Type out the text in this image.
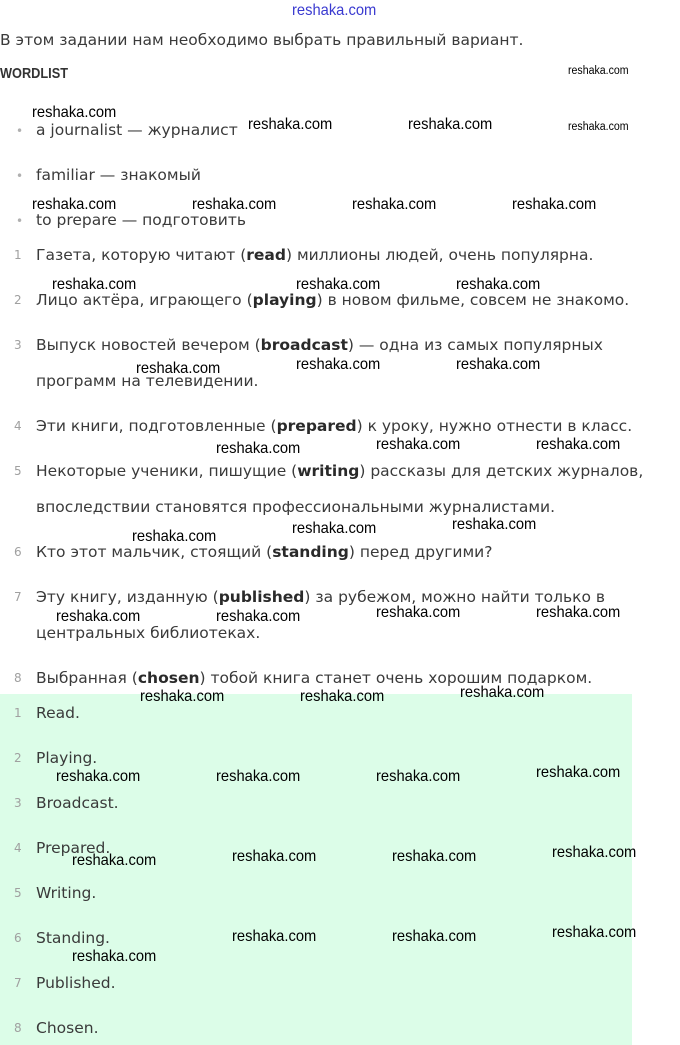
В этом задании нам необходимо выбрать правильный вариант.
WORDLIST
• a journalist — журналист
• familiar — знакомый
• to prepare — подготовить
1 Газета, которую читают (read) миллионы людей, очень популярна.
2 Лицо актёра, играющего (playing) в новом фильме, совсем не знакомо.
3 Выпуск новостей вечером (broadcast) — одна из самых популярных
программ на телевидении.
4 Эти книги, подготовленные (prepared) к уроку, нужно отнести в класс.
5 Некоторые ученики, пишущие (writing) рассказы для детских журналов,
впоследствии становятся профессиональными журналистами.
6 Кто этот мальчик, стоящий (standing) перед другими?
7 Эту книгу, изданную (published) за рубежом, можно найти только в
центральных библиотеках.
8 Выбранная (chosen) тобой книга станет очень хорошим подарком.
1 Read.
2 Playing.
3 Broadcast.
4 Prepared.
5 Writing.
6 Standing.
7 Published.
8 Chosen.
reshaka.com
reshaka.com
reshaka.com
reshaka.com
reshaka.com	reshaka.com
reshaka.com	reshaka.com	reshaka.com	reshaka.com
reshaka.com	reshaka.com	reshaka.com
reshaka.com	reshaka.com	reshaka.com
reshaka.com	reshaka.com	reshaka.com
reshaka.com	reshaka.com	reshaka.com
reshaka.com	reshaka.com	reshaka.com	reshaka.com
reshaka.com	reshaka.com	reshaka.com
reshaka.com	reshaka.com	reshaka.com	reshaka.com
reshaka.com	reshaka.com	reshaka.com	reshaka.com
reshaka.com	reshaka.com	reshaka.com
reshaka.com
